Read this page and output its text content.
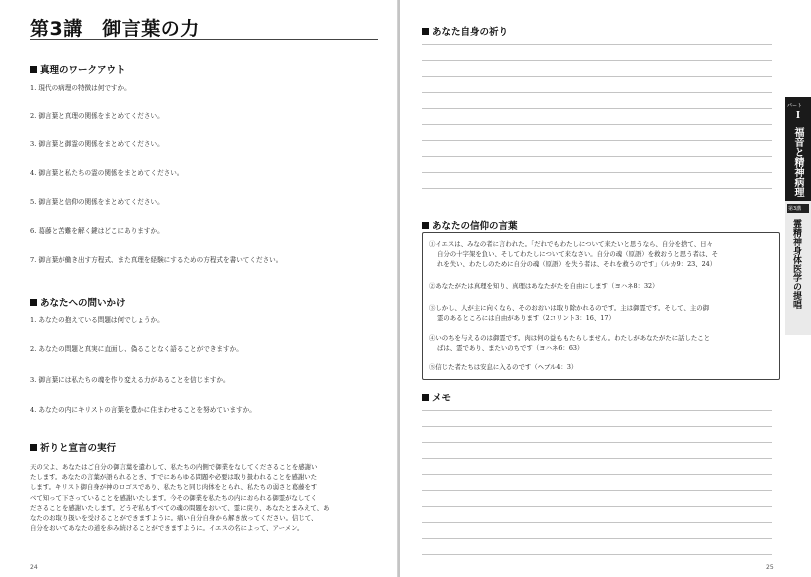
第3講　御言葉の力
真理のワークアウト
1. 現代の病理の特徴は何ですか。
2. 御言葉と真理の関係をまとめてください。
3. 御言葉と御霊の関係をまとめてください。
4. 御言葉と私たちの霊の関係をまとめてください。
5. 御言葉と信仰の関係をまとめてください。
6. 葛藤と苦難を解く鍵はどこにありますか。
7. 御言葉が働き出す方程式、また真理を経験にするための方程式を書いてください。
あなたへの問いかけ
1. あなたの抱えている問題は何でしょうか。
2. あなたの問題と真実に直面し、偽ることなく語ることができますか。
3. 御言葉には私たちの魂を作り変える力があることを信じますか。
4. あなたの内にキリストの言葉を豊かに住まわせることを努めていますか。
祈りと宣言の実行
天の父よ、あなたはご自分の御言葉を遣わして、私たちの内側で御業をなしてくださることを感謝い
たします。あなたの言葉が語られるとき、すでにあらゆる問題や必要は取り扱われることを感謝いた
します。キリスト御自身が神のロゴスであり、私たちと同じ肉体をとられ、私たちの弱さと葛藤をす
べて知って下さっていることを感謝いたします。今その御業を私たちの内におられる御霊がなしてく
ださることを感謝いたします。どうぞ私もすべての魂の問題をおいて、霊に戻り、あなたとまみえて、あ
なたのお取り扱いを受けることができますように。痛い自分自身から解き放ってください。信じて、
自分をおいてあなたの道を歩み続けることができますように。イエスの名によって、アーメン。
24
あなた自身の祈り
あなたの信仰の言葉
①イエスは、みなの者に言われた。「だれでもわたしについて来たいと思うなら、自分を捨て、日々
自分の十字架を負い、そしてわたしについて来なさい。自分の魂（原語）を救おうと思う者は、そ
れを失い、わたしのために自分の魂（原語）を失う者は、それを救うのです」（ルカ9：23、24）
②あなたがたは真理を知り、真理はあなたがたを自由にします（ヨハネ8：32）
③しかし、人が主に向くなら、そのおおいは取り除かれるのです。主は御霊です。そして、主の御
霊のあるところには自由があります（2コリント3：16、17）
④いのちを与えるのは御霊です。肉は何の益ももたらしません。わたしがあなたがたに話したこと
ばは、霊であり、またいのちです（ヨハネ6：63）
⑤信じた者たちは安息に入るのです（ヘブル4：3）
メモ
25
パート
I
福音と精神病理
第3講
霊精神身体医学の提唱
